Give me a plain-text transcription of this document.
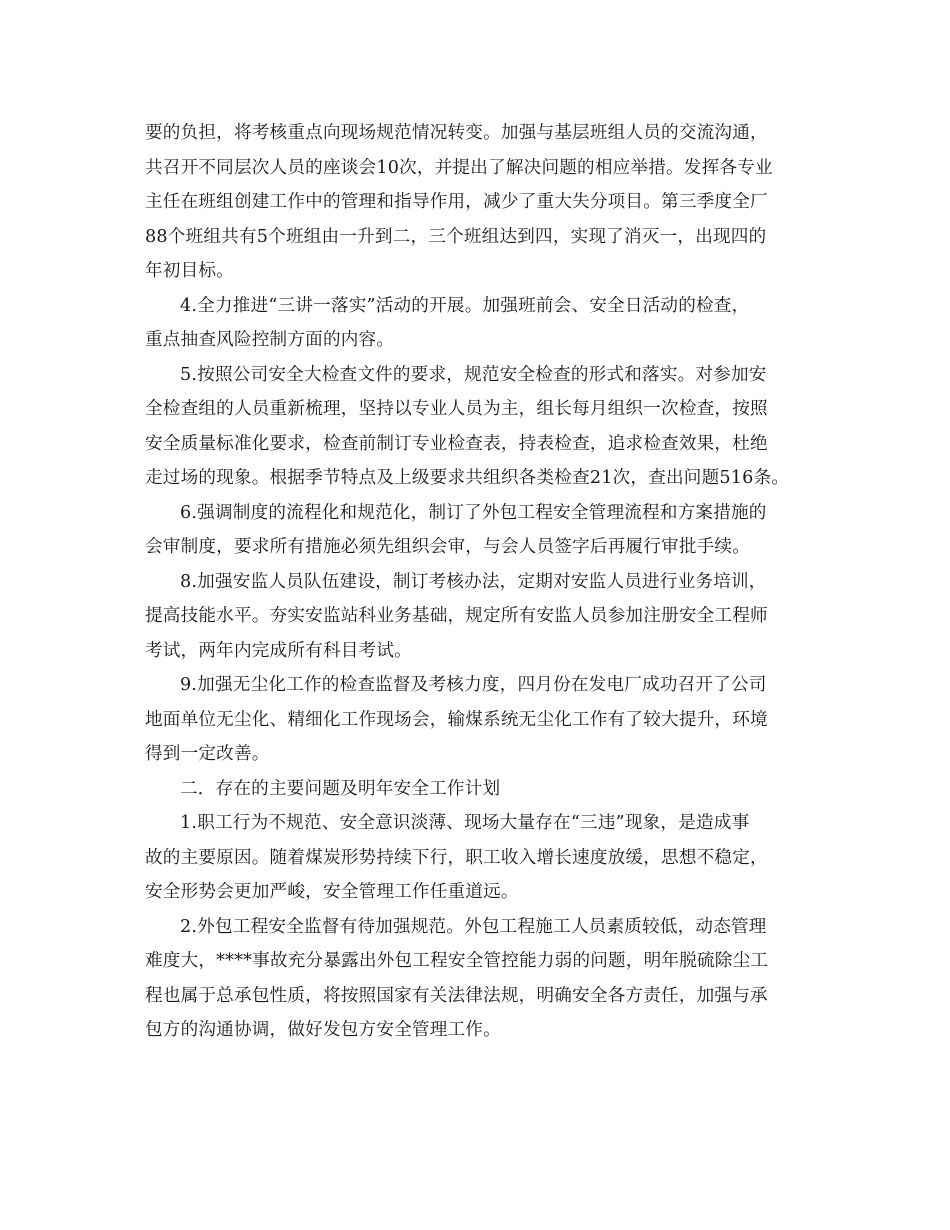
要的负担，将考核重点向现场规范情况转变。加强与基层班组人员的交流沟通，
共召开不同层次人员的座谈会10次，并提出了解决问题的相应举措。发挥各专业
主任在班组创建工作中的管理和指导作用，减少了重大失分项目。第三季度全厂
88个班组共有5个班组由一升到二，三个班组达到四，实现了消灭一，出现四的
年初目标。
4.全力推进“三讲一落实”活动的开展。加强班前会、安全日活动的检查，
重点抽查风险控制方面的内容。
5.按照公司安全大检查文件的要求，规范安全检查的形式和落实。对参加安
全检查组的人员重新梳理，坚持以专业人员为主，组长每月组织一次检查，按照
安全质量标准化要求，检查前制订专业检查表，持表检查，追求检查效果，杜绝
走过场的现象。根据季节特点及上级要求共组织各类检查21次，查出问题516条。
6.强调制度的流程化和规范化，制订了外包工程安全管理流程和方案措施的
会审制度，要求所有措施必须先组织会审，与会人员签字后再履行审批手续。
8.加强安监人员队伍建设，制订考核办法，定期对安监人员进行业务培训，
提高技能水平。夯实安监站科业务基础，规定所有安监人员参加注册安全工程师
考试，两年内完成所有科目考试。
9.加强无尘化工作的检查监督及考核力度，四月份在发电厂成功召开了公司
地面单位无尘化、精细化工作现场会，输煤系统无尘化工作有了较大提升，环境
得到一定改善。
二．存在的主要问题及明年安全工作计划
1.职工行为不规范、安全意识淡薄、现场大量存在“三违”现象，是造成事
故的主要原因。随着煤炭形势持续下行，职工收入增长速度放缓，思想不稳定，
安全形势会更加严峻，安全管理工作任重道远。
2.外包工程安全监督有待加强规范。外包工程施工人员素质较低，动态管理
难度大，****事故充分暴露出外包工程安全管控能力弱的问题，明年脱硫除尘工
程也属于总承包性质，将按照国家有关法律法规，明确安全各方责任，加强与承
包方的沟通协调，做好发包方安全管理工作。
